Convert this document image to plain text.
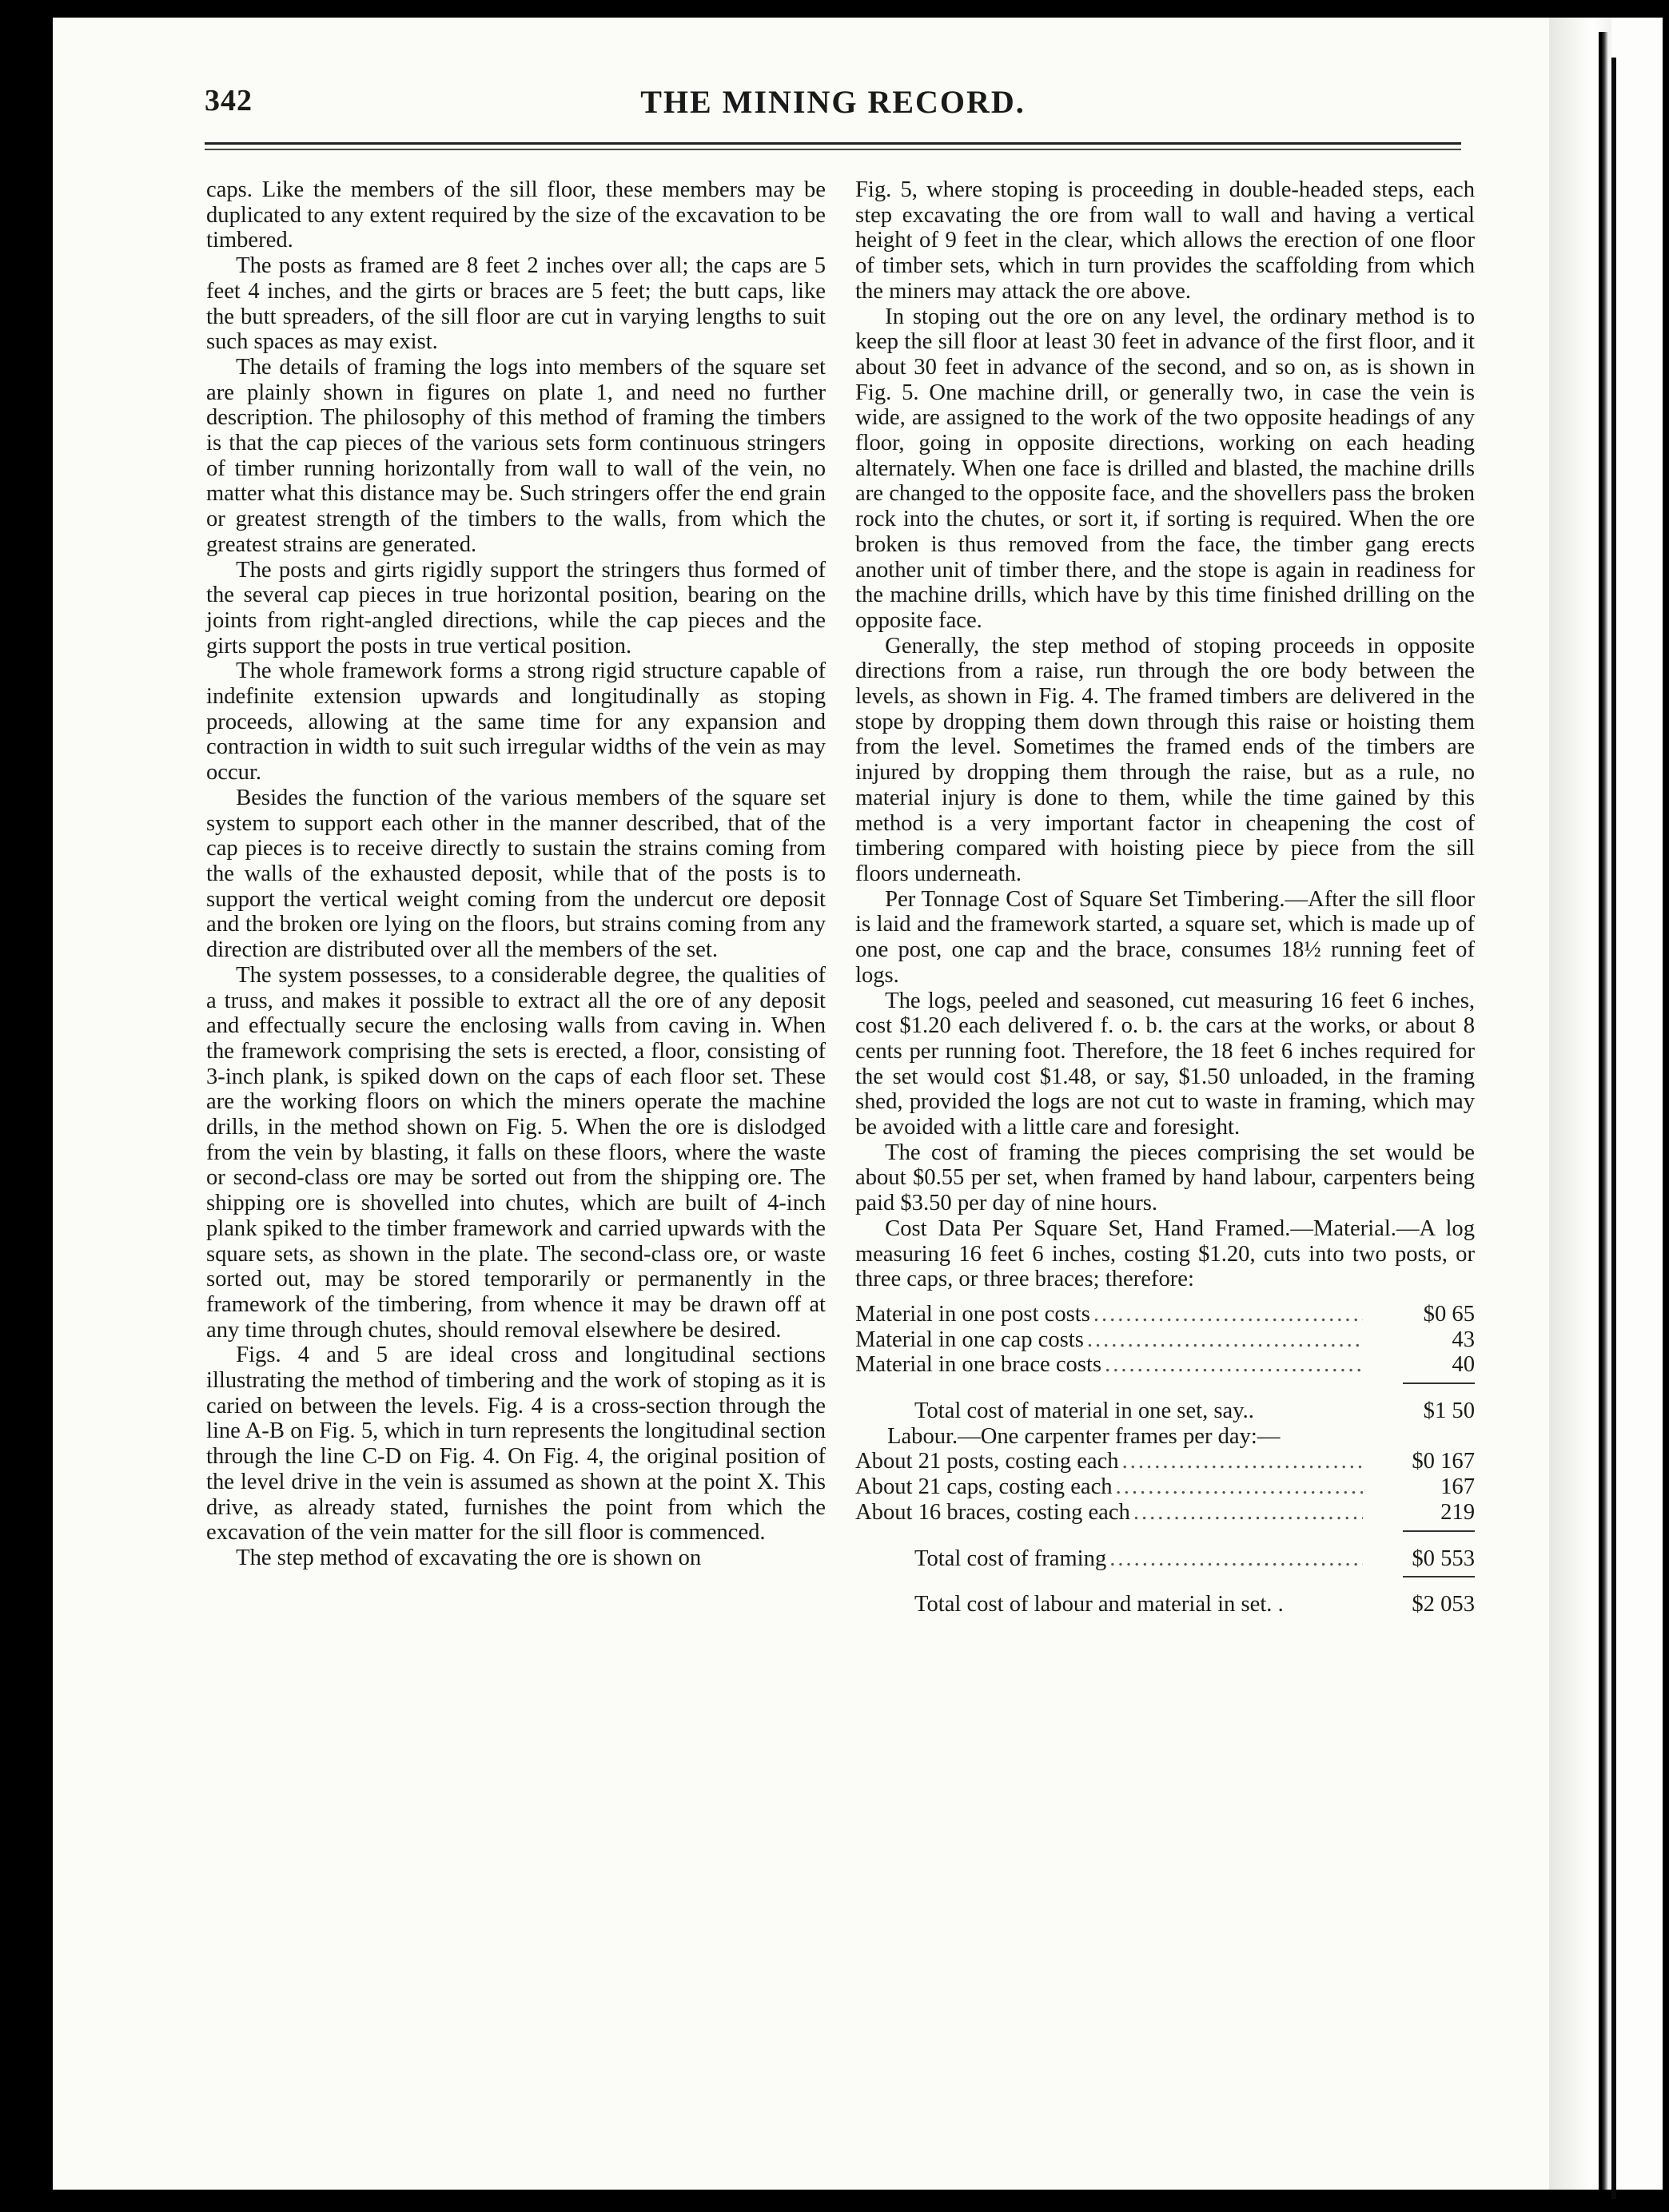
342	THE MINING RECORD.

caps. Like the members of the sill floor, these members may be duplicated to any extent required by the size of the excavation to be timbered.

The posts as framed are 8 feet 2 inches over all; the caps are 5 feet 4 inches, and the girts or braces are 5 feet; the butt caps, like the butt spreaders, of the sill floor are cut in varying lengths to suit such spaces as may exist.

The details of framing the logs into members of the square set are plainly shown in figures on plate 1, and need no further description. The philosophy of this method of framing the timbers is that the cap pieces of the various sets form continuous stringers of timber running horizontally from wall to wall of the vein, no matter what this distance may be. Such stringers offer the end grain or greatest strength of the timbers to the walls, from which the greatest strains are generated.

The posts and girts rigidly support the stringers thus formed of the several cap pieces in true horizontal position, bearing on the joints from right-angled directions, while the cap pieces and the girts support the posts in true vertical position.

The whole framework forms a strong rigid structure capable of indefinite extension upwards and longitudinally as stoping proceeds, allowing at the same time for any expansion and contraction in width to suit such irregular widths of the vein as may occur.

Besides the function of the various members of the square set system to support each other in the manner described, that of the cap pieces is to receive directly to sustain the strains coming from the walls of the exhausted deposit, while that of the posts is to support the vertical weight coming from the undercut ore deposit and the broken ore lying on the floors, but strains coming from any direction are distributed over all the members of the set.

The system possesses, to a considerable degree, the qualities of a truss, and makes it possible to extract all the ore of any deposit and effectually secure the enclosing walls from caving in. When the framework comprising the sets is erected, a floor, consisting of 3-inch plank, is spiked down on the caps of each floor set. These are the working floors on which the miners operate the machine drills, in the method shown on Fig. 5. When the ore is dislodged from the vein by blasting, it falls on these floors, where the waste or second-class ore may be sorted out from the shipping ore. The shipping ore is shovelled into chutes, which are built of 4-inch plank spiked to the timber framework and carried upwards with the square sets, as shown in the plate. The second-class ore, or waste sorted out, may be stored temporarily or permanently in the framework of the timbering, from whence it may be drawn off at any time through chutes, should removal elsewhere be desired.

Figs. 4 and 5 are ideal cross and longitudinal sections illustrating the method of timbering and the work of stoping as it is caried on between the levels. Fig. 4 is a cross-section through the line A-B on Fig. 5, which in turn represents the longitudinal section through the line C-D on Fig. 4. On Fig. 4, the original position of the level drive in the vein is assumed as shown at the point X. This drive, as already stated, furnishes the point from which the excavation of the vein matter for the sill floor is commenced.

The step method of excavating the ore is shown on

Fig. 5, where stoping is proceeding in double-headed steps, each step excavating the ore from wall to wall and having a vertical height of 9 feet in the clear, which allows the erection of one floor of timber sets, which in turn provides the scaffolding from which the miners may attack the ore above.

In stoping out the ore on any level, the ordinary method is to keep the sill floor at least 30 feet in advance of the first floor, and it about 30 feet in advance of the second, and so on, as is shown in Fig. 5. One machine drill, or generally two, in case the vein is wide, are assigned to the work of the two opposite headings of any floor, going in opposite directions, working on each heading alternately. When one face is drilled and blasted, the machine drills are changed to the opposite face, and the shovellers pass the broken rock into the chutes, or sort it, if sorting is required. When the ore broken is thus removed from the face, the timber gang erects another unit of timber there, and the stope is again in readiness for the machine drills, which have by this time finished drilling on the opposite face.

Generally, the step method of stoping proceeds in opposite directions from a raise, run through the ore body between the levels, as shown in Fig. 4. The framed timbers are delivered in the stope by dropping them down through this raise or hoisting them from the level. Sometimes the framed ends of the timbers are injured by dropping them through the raise, but as a rule, no material injury is done to them, while the time gained by this method is a very important factor in cheapening the cost of timbering compared with hoisting piece by piece from the sill floors underneath.

Per Tonnage Cost of Square Set Timbering.—After the sill floor is laid and the framework started, a square set, which is made up of one post, one cap and the brace, consumes 18½ running feet of logs.

The logs, peeled and seasoned, cut measuring 16 feet 6 inches, cost $1.20 each delivered f. o. b. the cars at the works, or about 8 cents per running foot. Therefore, the 18 feet 6 inches required for the set would cost $1.48, or say, $1.50 unloaded, in the framing shed, provided the logs are not cut to waste in framing, which may be avoided with a little care and foresight.

The cost of framing the pieces comprising the set would be about $0.55 per set, when framed by hand labour, carpenters being paid $3.50 per day of nine hours.

Cost Data Per Square Set, Hand Framed.—Material.—A log measuring 16 feet 6 inches, costing $1.20, cuts into two posts, or three caps, or three braces; therefore:

Material in one post costs .....	$0 65
Material in one cap costs .....	43
Material in one brace costs .....	40
Total cost of material in one set, say..	$1 50
Labour.—One carpenter frames per day:—
About 21 posts, costing each .....	$0 167
About 21 caps, costing each .....	167
About 16 braces, costing each .....	219
Total cost of framing .....	$0 553
Total cost of labour and material in set. .	$2 053
